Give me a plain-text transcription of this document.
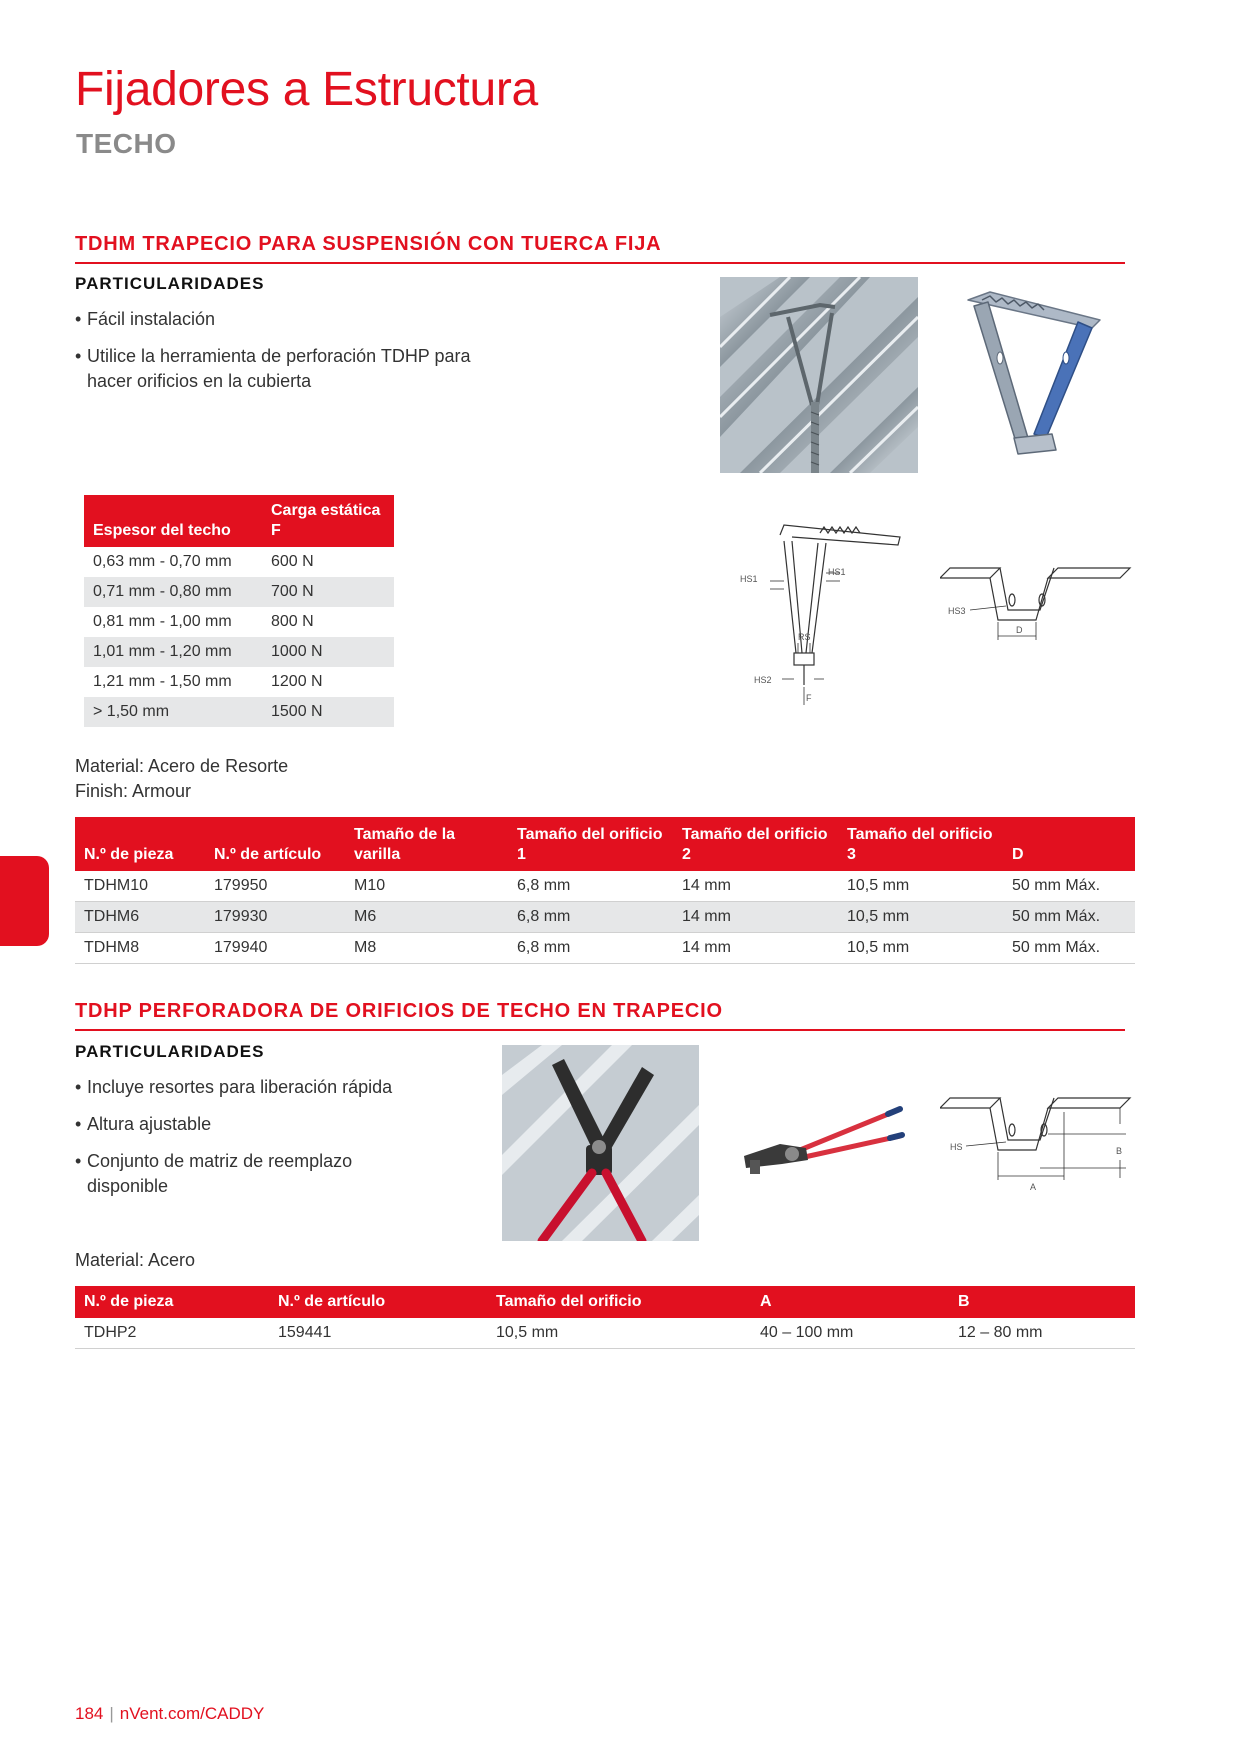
Fijadores a Estructura
TECHO
TDHM TRAPECIO PARA SUSPENSIÓN CON TUERCA FIJA
PARTICULARIDADES
• Fácil instalación
• Utilice la herramienta de perforación TDHP para hacer orificios en la cubierta
Espesor del techo	Carga estática F
0,63 mm - 0,70 mm	600 N
0,71 mm - 0,80 mm	700 N
0,81 mm - 1,00 mm	800 N
1,01 mm - 1,20 mm	1000 N
1,21 mm - 1,50 mm	1200 N
> 1,50 mm	1500 N
HS1
HS1
RS
HS2
F
HS3
D
Material: Acero de Resorte
Finish: Armour
N.º de pieza	N.º de artículo	Tamaño de la varilla	Tamaño del orificio 1	Tamaño del orificio 2	Tamaño del orificio 3	D
TDHM10	179950	M10	6,8 mm	14 mm	10,5 mm	50 mm Máx.
TDHM6	179930	M6	6,8 mm	14 mm	10,5 mm	50 mm Máx.
TDHM8	179940	M8	6,8 mm	14 mm	10,5 mm	50 mm Máx.
TDHP PERFORADORA DE ORIFICIOS DE TECHO EN TRAPECIO
PARTICULARIDADES
• Incluye resortes para liberación rápida
• Altura ajustable
• Conjunto de matriz de reemplazo disponible
HS
A
B
Material: Acero
N.º de pieza	N.º de artículo	Tamaño del orificio	A	B
TDHP2	159441	10,5 mm	40 – 100 mm	12 – 80 mm
184 | nVent.com/CADDY
